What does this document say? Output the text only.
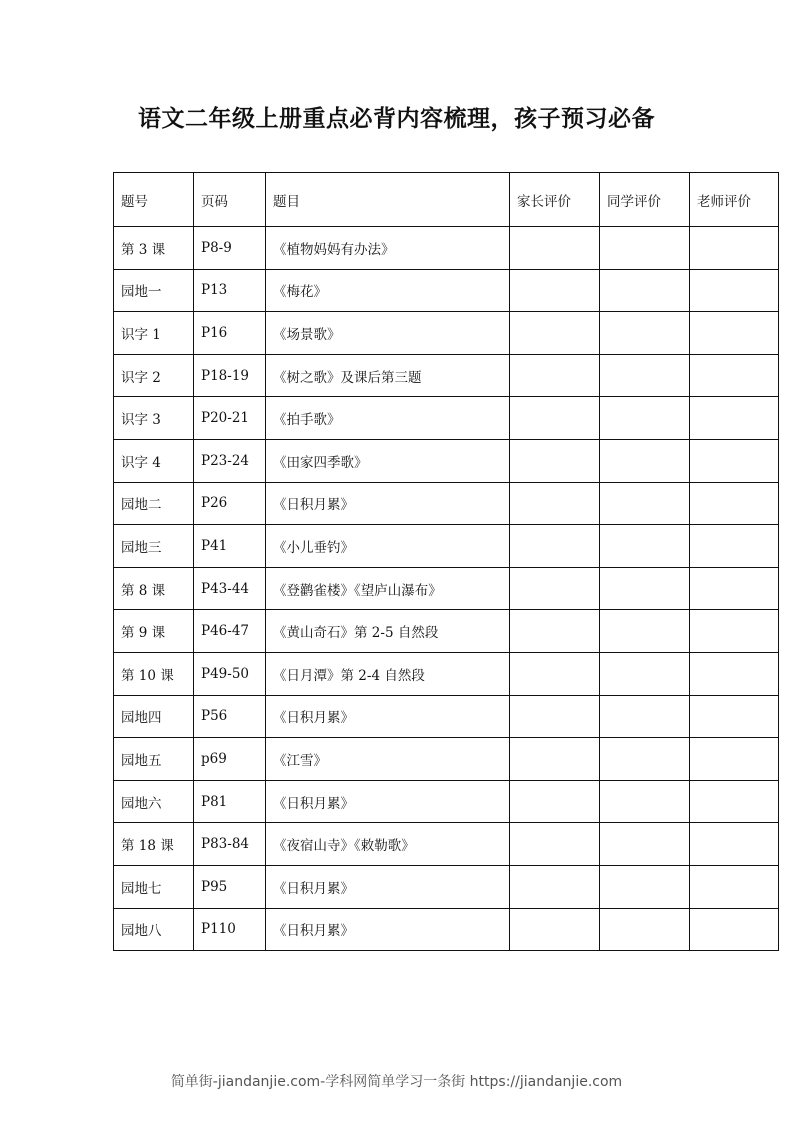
语文二年级上册重点必背内容梳理，孩子预习必备
题号	页码	题目	家长评价	同学评价	老师评价
第 3 课	P8-9	《植物妈妈有办法》			
园地一	P13	《梅花》			
识字 1	P16	《场景歌》			
识字 2	P18-19	《树之歌》及课后第三题			
识字 3	P20-21	《拍手歌》			
识字 4	P23-24	《田家四季歌》			
园地二	P26	《日积月累》			
园地三	P41	《小儿垂钓》			
第 8 课	P43-44	《登鹳雀楼》《望庐山瀑布》			
第 9 课	P46-47	《黄山奇石》第 2-5 自然段			
第 10 课	P49-50	《日月潭》第 2-4 自然段			
园地四	P56	《日积月累》			
园地五	p69	《江雪》			
园地六	P81	《日积月累》			
第 18 课	P83-84	《夜宿山寺》《敕勒歌》			
园地七	P95	《日积月累》			
园地八	P110	《日积月累》			
简单街-jiandanjie.com-学科网简单学习一条街 https://jiandanjie.com
